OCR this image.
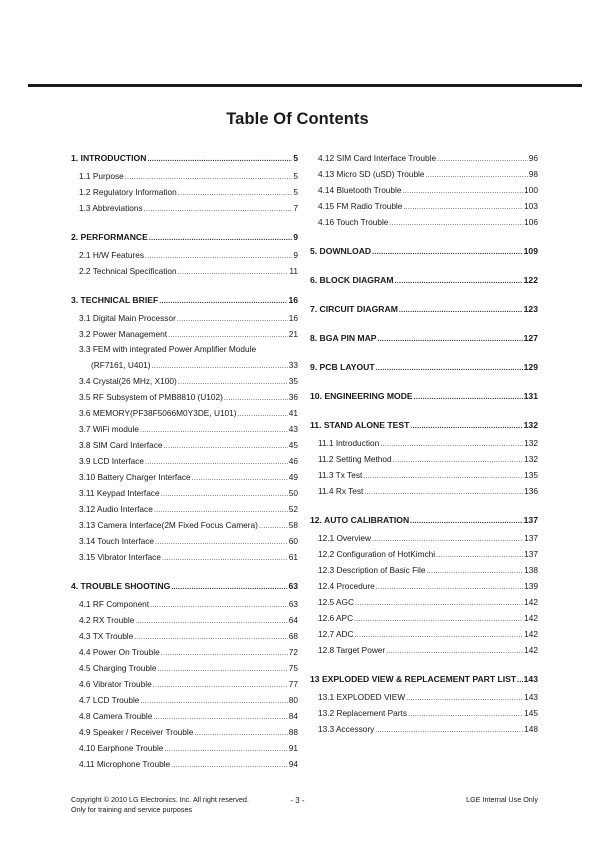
Table Of Contents
1. INTRODUCTION .....	5
1.1 Purpose .....	5
1.2 Regulatory Information .....	5
1.3 Abbreviations .....	7
2. PERFORMANCE .....	9
2.1 H/W Features .....	9
2.2 Technical Specification .....	11
3. TECHNICAL BRIEF .....	16
3.1 Digital Main Processor .....	16
3.2 Power Management .....	21
3.3 FEM with integrated Power Amplifier Module
(RF7161, U401) .....	33
3.4 Crystal(26 MHz, X100) .....	35
3.5 RF Subsystem of PMB8810 (U102) .....	36
3.6 MEMORY(PF38F5066M0Y3DE, U101) .....	41
3.7 WiFi module .....	43
3.8 SIM Card Interface .....	45
3.9 LCD Interface .....	46
3.10 Battery Charger Interface .....	49
3.11 Keypad Interface .....	50
3.12 Audio Interface .....	52
3.13 Camera Interface(2M Fixed Focus Camera) .....	58
3.14 Touch Interface .....	60
3.15 Vibrator Interface .....	61
4. TROUBLE SHOOTING .....	63
4.1 RF Component .....	63
4.2 RX Trouble .....	64
4.3 TX Trouble .....	68
4.4 Power On Trouble .....	72
4.5 Charging Trouble .....	75
4.6 Vibrator Trouble .....	77
4.7 LCD Trouble .....	80
4.8 Camera Trouble .....	84
4.9 Speaker / Receiver Trouble .....	88
4.10 Earphone Trouble .....	91
4.11 Microphone Trouble .....	94
4.12 SIM Card Interface Trouble .....	96
4.13 Micro SD (uSD) Trouble .....	98
4.14 Bluetooth Trouble .....	100
4.15 FM Radio Trouble .....	103
4.16 Touch Trouble .....	106
5. DOWNLOAD .....	109
6. BLOCK DIAGRAM .....	122
7. CIRCUIT DIAGRAM .....	123
8. BGA PIN MAP .....	127
9. PCB LAYOUT .....	129
10. ENGINEERING MODE .....	131
11. STAND ALONE TEST .....	132
11.1 Introduction .....	132
11.2 Setting Method .....	132
11.3 Tx Test .....	135
11.4 Rx Test .....	136
12. AUTO CALIBRATION .....	137
12.1 Overview .....	137
12.2 Configuration of HotKimchi .....	137
12.3 Description of Basic File .....	138
12.4 Procedure .....	139
12.5 AGC .....	142
12.6 APC .....	142
12.7 ADC .....	142
12.8 Target Power .....	142
13 EXPLODED VIEW & REPLACEMENT PART LIST ..... 143
13.1 EXPLODED VIEW .....	143
13.2 Replacement Parts .....	145
13.3 Accessory .....	148
Copyright © 2010 LG Electronics. Inc. All right reserved.
Only for training and service purposes
- 3 -	LGE Internal Use Only
